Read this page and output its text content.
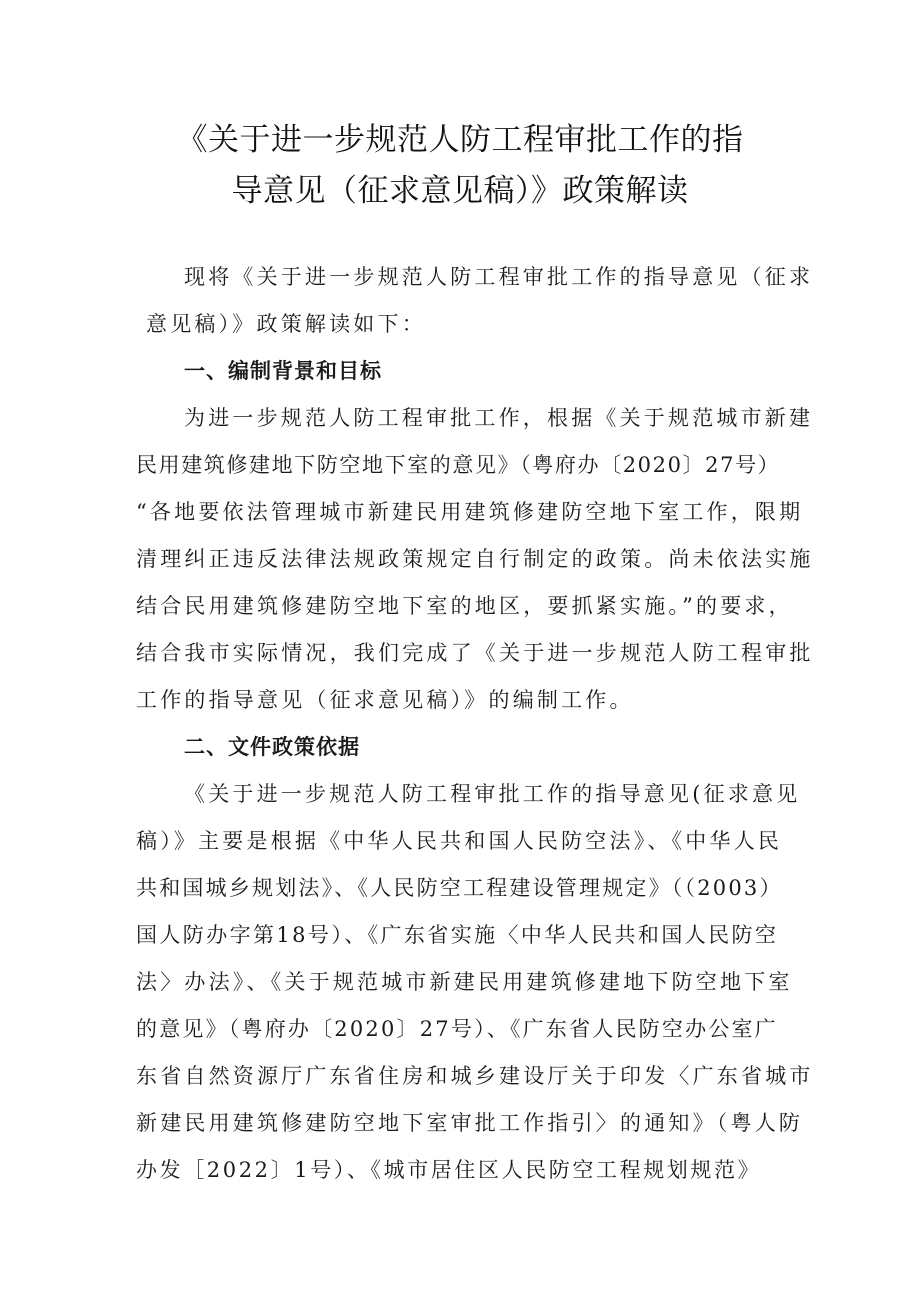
《关于进一步规范人防工程审批工作的指
导意见（征求意见稿）》政策解读
现将《关于进一步规范人防工程审批工作的指导意见（征求
意见稿）》政策解读如下：
一、编制背景和目标
为进一步规范人防工程审批工作，根据《关于规范城市新建
民用建筑修建地下防空地下室的意见》（粤府办〔2020〕27号）
“各地要依法管理城市新建民用建筑修建防空地下室工作，限期
清理纠正违反法律法规政策规定自行制定的政策。尚未依法实施
结合民用建筑修建防空地下室的地区，要抓紧实施。”的要求，
结合我市实际情况，我们完成了《关于进一步规范人防工程审批
工作的指导意见（征求意见稿）》的编制工作。
二、文件政策依据
《关于进一步规范人防工程审批工作的指导意见(征求意见
稿）》主要是根据《中华人民共和国人民防空法》、《中华人民
共和国城乡规划法》、《人民防空工程建设管理规定》（（2003）
国人防办字第18号）、《广东省实施〈中华人民共和国人民防空
法〉办法》、《关于规范城市新建民用建筑修建地下防空地下室
的意见》（粤府办〔2020〕27号）、《广东省人民防空办公室广
东省自然资源厅广东省住房和城乡建设厅关于印发〈广东省城市
新建民用建筑修建防空地下室审批工作指引〉的通知》（粤人防
办发［2022〕1号）、《城市居住区人民防空工程规划规范》
